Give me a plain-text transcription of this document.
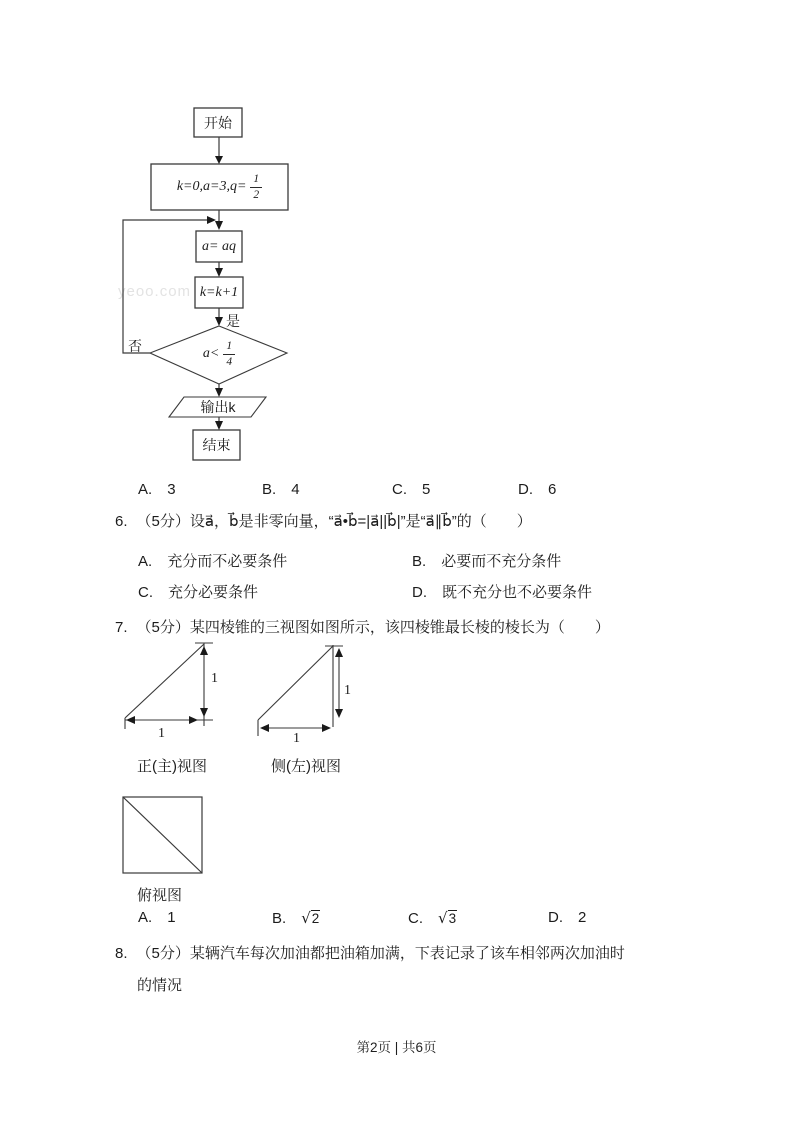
yeoo.com
开始
$k=0,a=3,q= \frac{1}{2}$
a= aq
k=k+1
是
否	$a< \frac{1}{4}$
输出k
结束
A. 3	B. 4	C. 5	D. 6
6. （5分）设a⃗，b⃗是非零向量，“a⃗•b⃗=|a⃗||b⃗|”是“a⃗∥b⃗”的（　　）
A. 充分而不必要条件	B. 必要而不充分条件
C. 充分必要条件	D. 既不充分也不必要条件
7. （5分）某四棱锥的三视图如图所示，该四棱锥最长棱的棱长为（　　）
1
1
1
1
正(主)视图	侧(左)视图
俯视图
A. 1	B. √ 2	C. √ 3	D. 2
8. （5分）某辆汽车每次加油都把油箱加满，下表记录了该车相邻两次加油时
的情况
第2页 | 共6页
